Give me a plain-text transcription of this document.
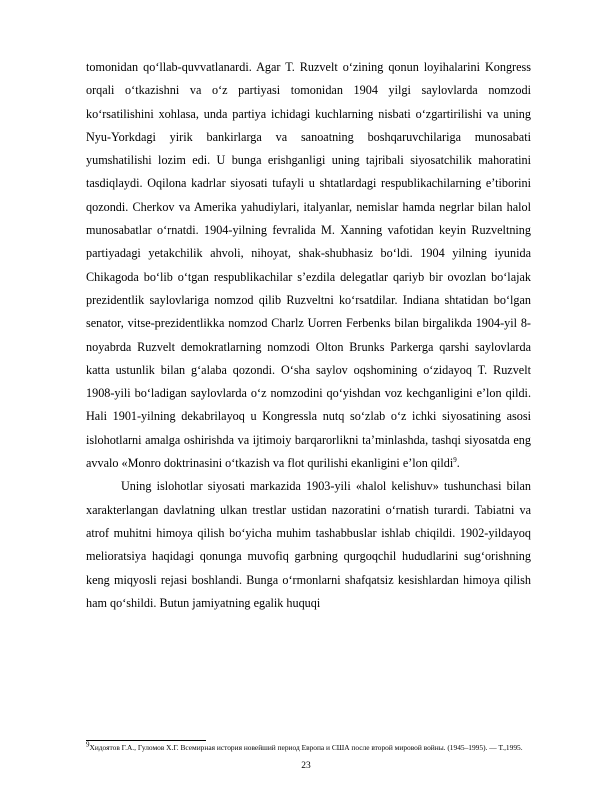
tomonidan qo‘llab-quvvatlanardi. Agar T. Ruzvelt o‘zining qonun loyihalarini Kongress orqali o‘tkazishni va o‘z partiyasi tomonidan 1904 yilgi saylovlarda nomzodi ko‘rsatilishini xohlasa, unda partiya ichidagi kuchlarning nisbati o‘zgartirilishi va uning Nyu-Yorkdagi yirik bankirlarga va sanoatning boshqaruvchilariga munosabati yumshatilishi lozim edi. U bunga erishganligi uning tajribali siyosatchilik mahoratini tasdiqlaydi. Oqilona kadrlar siyosati tufayli u shtatlardagi respublikachilarning e’tiborini qozondi. Cherkov va Amerika yahudiylari, italyanlar, nemislar hamda negrlar bilan halol munosabatlar o‘rnatdi. 1904-yilning fevralida M. Xanning vafotidan keyin Ruzveltning partiyadagi yetakchilik ahvoli, nihoyat, shak-shubhasiz bo‘ldi. 1904 yilning iyunida Chikagoda bo‘lib o‘tgan respublikachilar s’ezdila delegatlar qariyb bir ovozlan bo‘lajak prezidentlik saylovlariga nomzod qilib Ruzveltni ko‘rsatdilar. Indiana shtatidan bo‘lgan senator, vitse-prezidentlikka nomzod Charlz Uorren Ferbenks bilan birgalikda 1904-yil 8-noyabrda Ruzvelt demokratlarning nomzodi Olton Brunks Parkerga qarshi saylovlarda katta ustunlik bilan g‘alaba qozondi. O‘sha saylov oqshomining o‘zidayoq T. Ruzvelt 1908-yili bo‘ladigan saylovlarda o‘z nomzodini qo‘yishdan voz kechganligini e’lon qildi. Hali 1901-yilning dekabrilayoq u Kongressla nutq so‘zlab o‘z ichki siyosatining asosi islohotlarni amalga oshirishda va ijtimoiy barqarorlikni ta’minlashda, tashqi siyosatda eng avvalo «Monro doktrinasini o‘tkazish va flot qurilishi ekanligini e’lon qildi$^9$.

Uning islohotlar siyosati markazida 1903-yili «halol kelishuv» tushunchasi bilan xarakterlangan davlatning ulkan trestlar ustidan nazoratini o‘rnatish turardi. Tabiatni va atrof muhitni himoya qilish bo‘yicha muhim tashabbuslar ishlab chiqildi. 1902-yildayoq melioratsiya haqidagi qonunga muvofiq garbning qurgoqchil hududlarini sug‘orishning keng miqyosli rejasi boshlandi. Bunga o‘rmonlarni shafqatsiz kesishlardan himoya qilish ham qo‘shildi. Butun jamiyatning egalik huquqi

$^9$Хидоятов Г.А., Гуломов Х.Г. Всемирная история новейший период Европа и США после второй мировой войны. (1945–1995). — Т.,1995.

23
